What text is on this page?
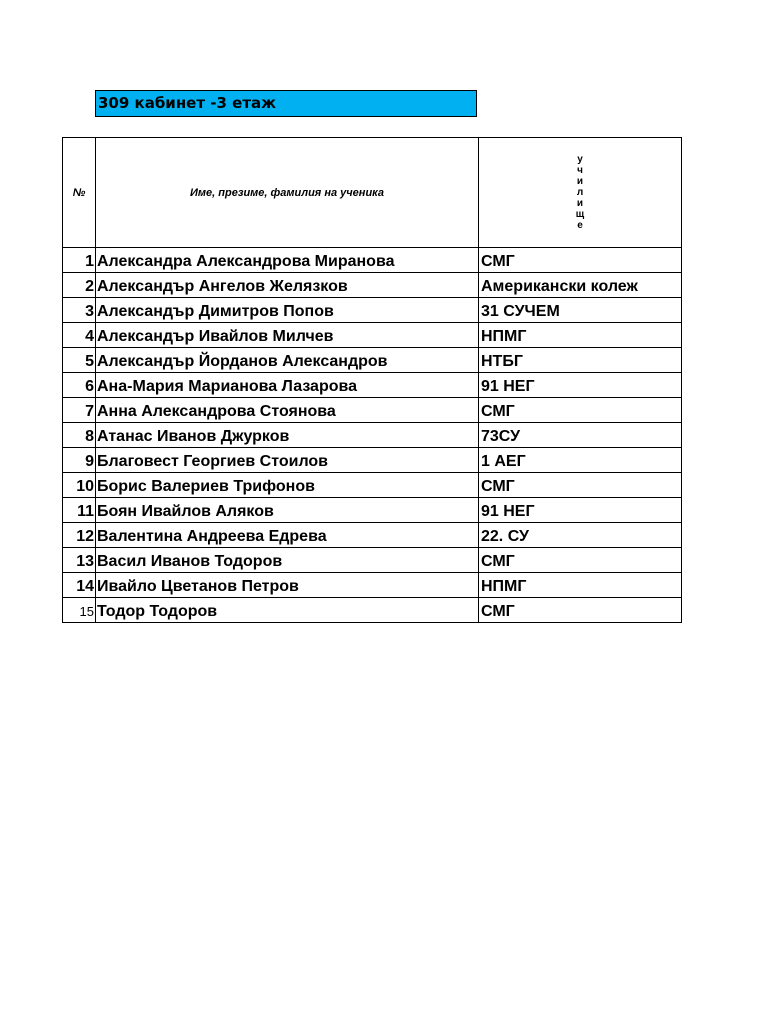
309 кабинет -3 етаж
№	Име, презиме, фамилия на ученика	училище
1	Александра Александрова Миранова	СМГ
2	Александър Ангелов Желязков	Американски колеж
3	Александър Димитров Попов	31 СУЧЕМ
4	Александър Ивайлов Милчев	НПМГ
5	Александър Йорданов Александров	НТБГ
6	Ана-Мария Марианова Лазарова	91 НЕГ
7	Анна Александрова Стоянова	СМГ
8	Атанас Иванов Джурков	73СУ
9	Благовест Георгиев Стоилов	1 АЕГ
10	Борис Валериев Трифонов	СМГ
11	Боян Ивайлов Аляков	91 НЕГ
12	Валентина Андреева Едрева	22. СУ
13	Васил Иванов Тодоров	СМГ
14	Ивайло Цветанов Петров	НПМГ
15	Тодор Тодоров	СМГ
